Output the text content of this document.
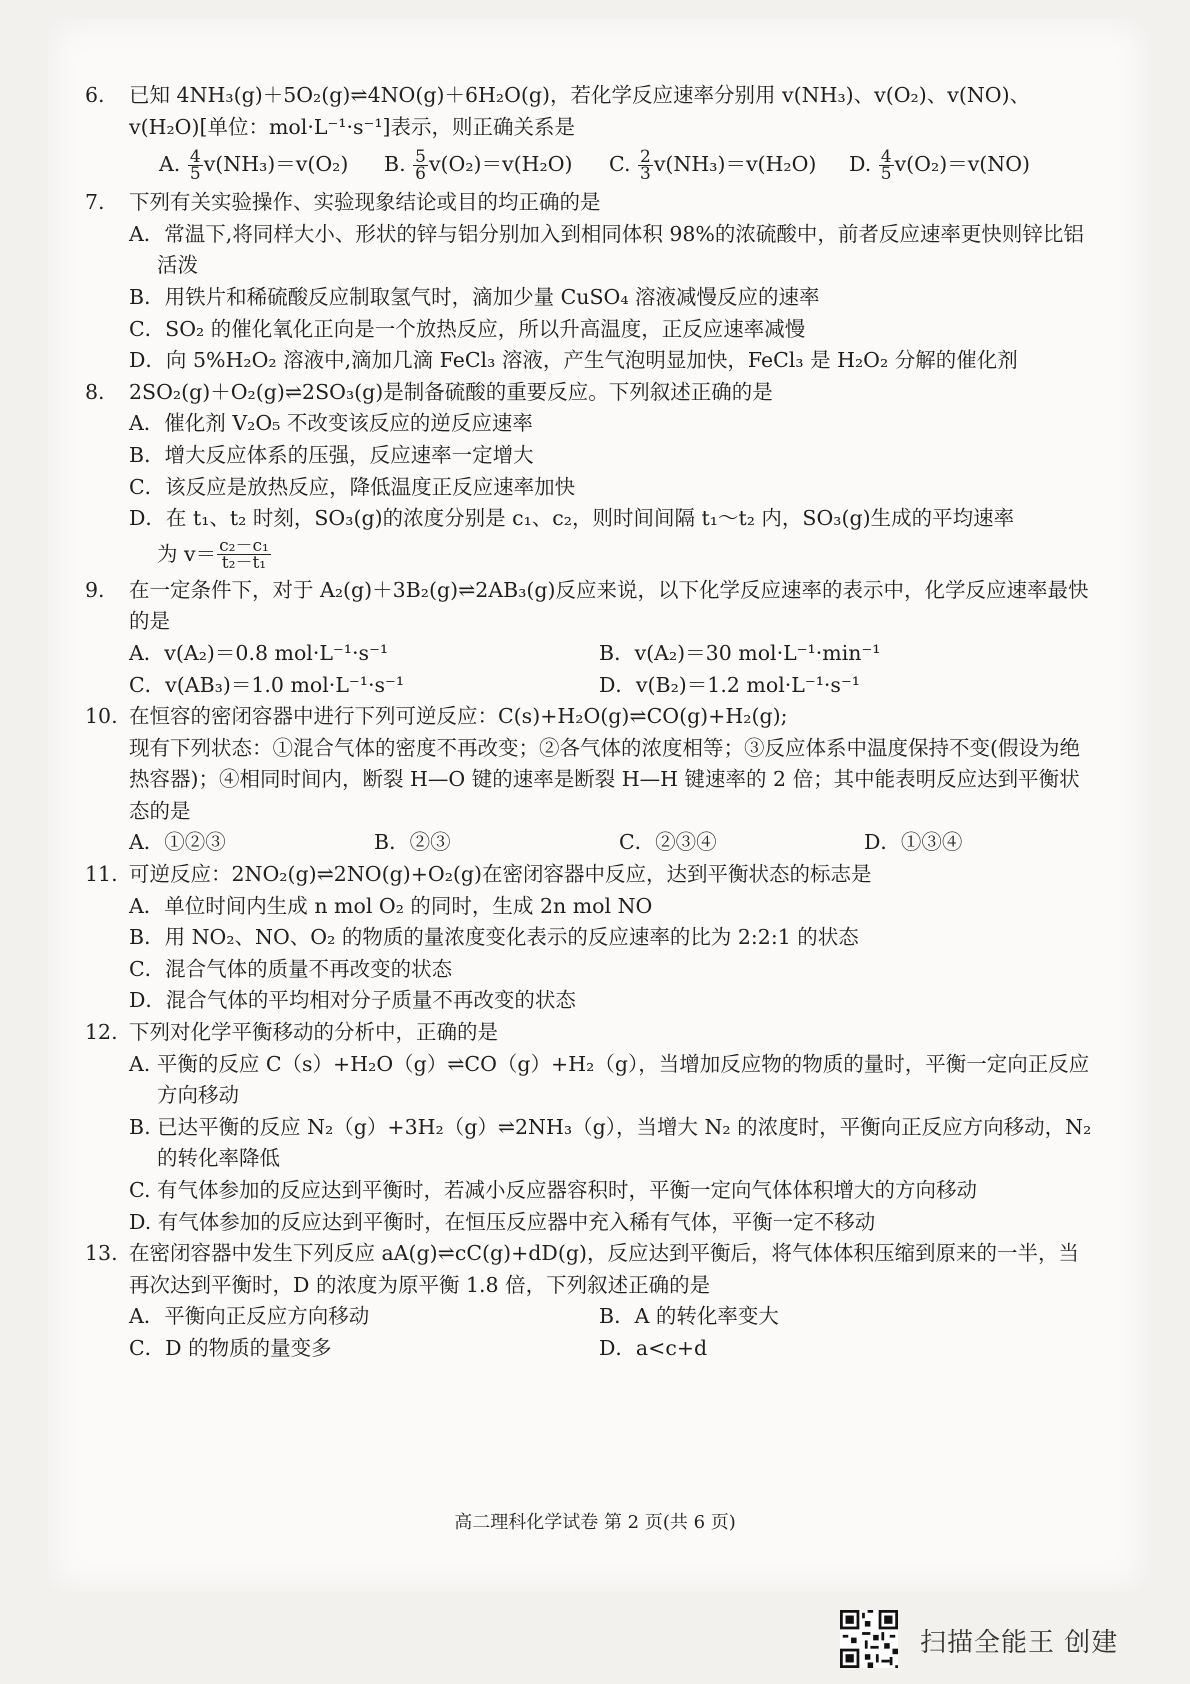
6. 已知 4NH₃(g)＋5O₂(g)⇌4NO(g)＋6H₂O(g)，若化学反应速率分别用 v(NH₃)、v(O₂)、v(NO)、
v(H₂O)[单位：mol·L⁻¹·s⁻¹]表示，则正确关系是
A. $\frac{4}{5} v(NH_3)=v(O_2)$	B. $\frac{5}{6} v(O_2)=v(H_2O)$	C. $\frac{2}{3} v(NH_3)=v(H_2O)$	D. $\frac{4}{5} v(O_2)=v(NO)$
7. 下列有关实验操作、实验现象结论或目的均正确的是
A．常温下,将同样大小、形状的锌与铝分别加入到相同体积 98%的浓硫酸中，前者反应速率更快则锌比铝活泼
B．用铁片和稀硫酸反应制取氢气时，滴加少量 CuSO₄ 溶液减慢反应的速率
C．SO₂ 的催化氧化正向是一个放热反应，所以升高温度，正反应速率减慢
D．向 5%H₂O₂ 溶液中,滴加几滴 FeCl₃ 溶液，产生气泡明显加快，FeCl₃ 是 H₂O₂ 分解的催化剂
8. 2SO₂(g)＋O₂(g)⇌2SO₃(g)是制备硫酸的重要反应。下列叙述正确的是
A．催化剂 V₂O₅ 不改变该反应的逆反应速率
B．增大反应体系的压强，反应速率一定增大
C．该反应是放热反应，降低温度正反应速率加快
D．在 t₁、t₂ 时刻，SO₃(g)的浓度分别是 c₁、c₂，则时间间隔 t₁～t₂ 内，SO₃(g)生成的平均速率
为 $v= \frac{\text{c₂－c₁}}{\text{t₂－t₁}}$
9. 在一定条件下，对于 A₂(g)＋3B₂(g)⇌2AB₃(g)反应来说，以下化学反应速率的表示中，化学反应速率最快的是
A．v(A₂)＝0.8 mol·L⁻¹·s⁻¹	B．v(A₂)＝30 mol·L⁻¹·min⁻¹
C．v(AB₃)＝1.0 mol·L⁻¹·s⁻¹	D．v(B₂)＝1.2 mol·L⁻¹·s⁻¹
10. 在恒容的密闭容器中进行下列可逆反应：C(s)+H₂O(g)⇌CO(g)+H₂(g);
现有下列状态：①混合气体的密度不再改变；②各气体的浓度相等；③反应体系中温度保持不变(假设为绝热容器)；④相同时间内，断裂 H—O 键的速率是断裂 H—H 键速率的 2 倍；其中能表明反应达到平衡状态的是
A．①②③	B．②③	C．②③④	D．①③④
11. 可逆反应：2NO₂(g)⇌2NO(g)+O₂(g)在密闭容器中反应，达到平衡状态的标志是
A．单位时间内生成 n mol O₂ 的同时，生成 2n mol NO
B．用 NO₂、NO、O₂ 的物质的量浓度变化表示的反应速率的比为 2:2:1 的状态
C．混合气体的质量不再改变的状态
D．混合气体的平均相对分子质量不再改变的状态
12. 下列对化学平衡移动的分析中，正确的是
A. 平衡的反应 C（s）+H₂O（g）⇌CO（g）+H₂（g），当增加反应物的物质的量时，平衡一定向正反应方向移动
B. 已达平衡的反应 N₂（g）+3H₂（g）⇌2NH₃（g），当增大 N₂ 的浓度时，平衡向正反应方向移动，N₂ 的转化率降低
C. 有气体参加的反应达到平衡时，若减小反应器容积时，平衡一定向气体体积增大的方向移动
D. 有气体参加的反应达到平衡时，在恒压反应器中充入稀有气体，平衡一定不移动
13. 在密闭容器中发生下列反应 aA(g)⇌cC(g)+dD(g)，反应达到平衡后，将气体体积压缩到原来的一半，当再次达到平衡时，D 的浓度为原平衡 1.8 倍，下列叙述正确的是
A．平衡向正反应方向移动	B．A 的转化率变大
C．D 的物质的量变多	D．a<c+d
高二理科化学试卷 第 2 页(共 6 页)
扫描全能王 创建
